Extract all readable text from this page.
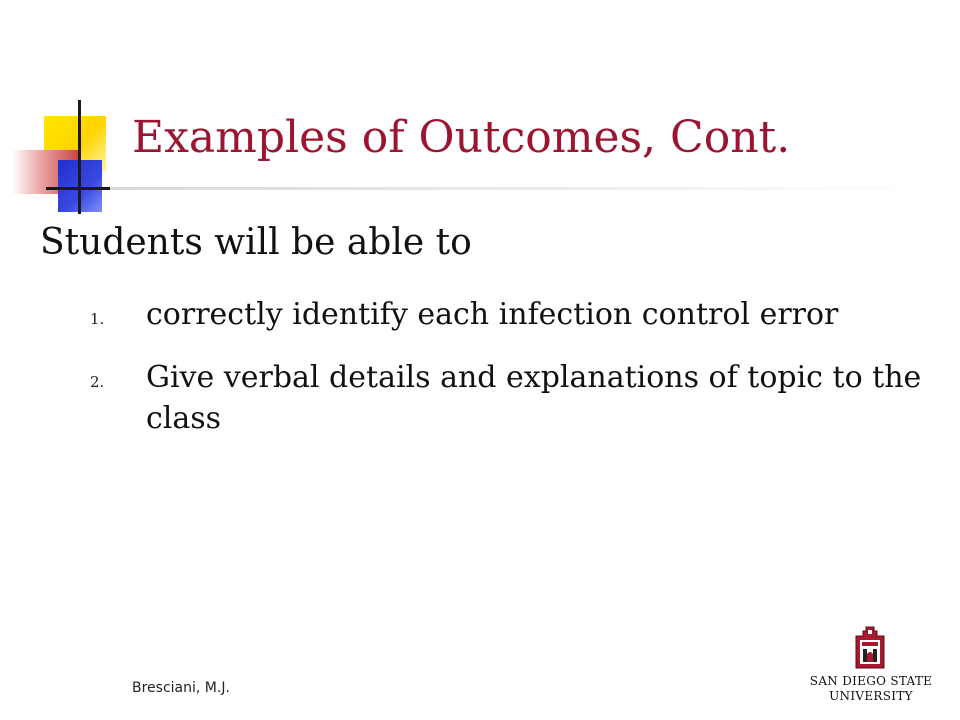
Examples of Outcomes, Cont.

Students will be able to

1. correctly identify each infection control error
2. Give verbal details and explanations of topic to the class
Bresciani, M.J.	SAN DIEGO STATE
UNIVERSITY
